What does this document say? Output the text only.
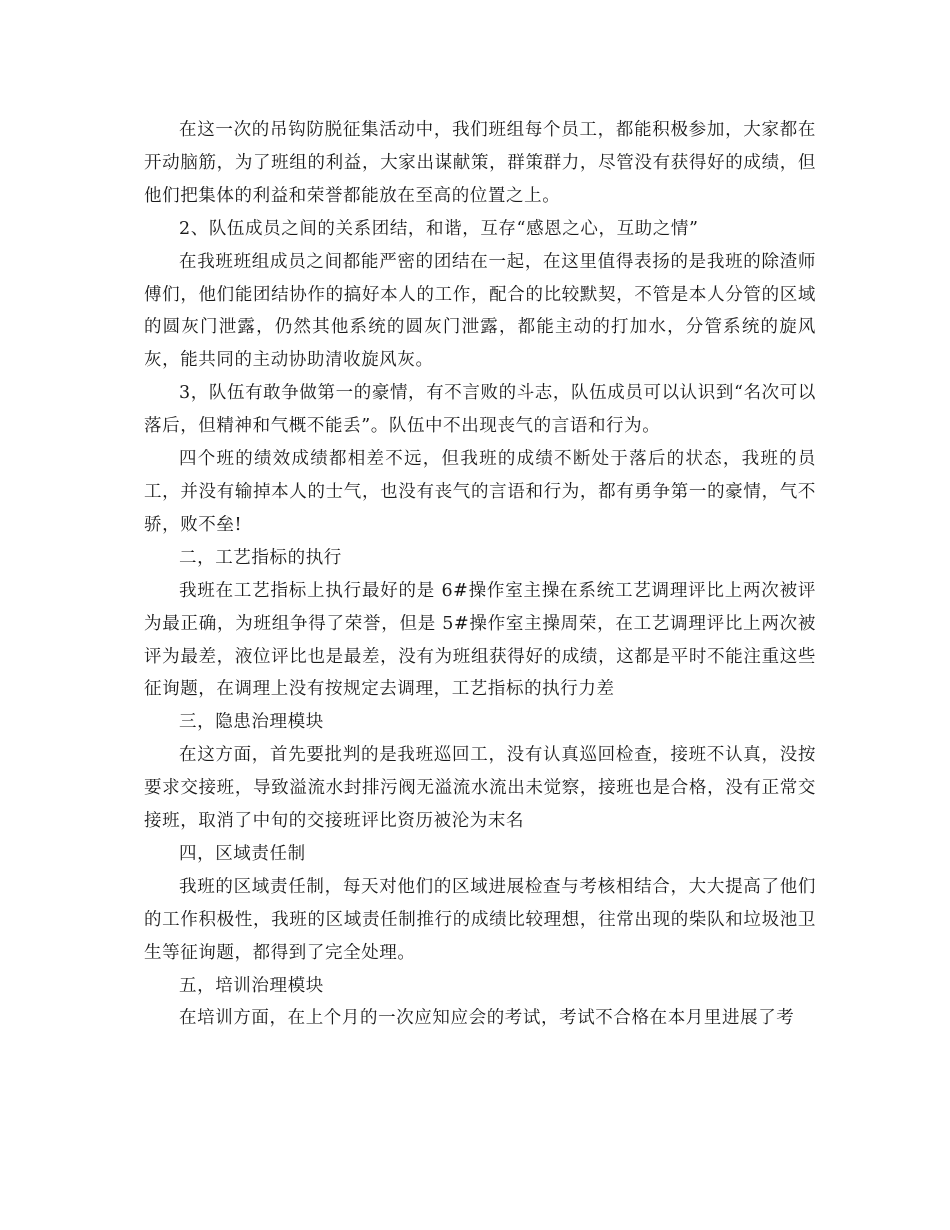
在这一次的吊钩防脱征集活动中，我们班组每个员工，都能积极参加，大家都在开动脑筋，为了班组的利益，大家出谋献策，群策群力，尽管没有获得好的成绩，但他们把集体的利益和荣誉都能放在至高的位置之上。

2、队伍成员之间的关系团结，和谐，互存“感恩之心，互助之情”

在我班班组成员之间都能严密的团结在一起，在这里值得表扬的是我班的除渣师傅们，他们能团结协作的搞好本人的工作，配合的比较默契，不管是本人分管的区域的圆灰门泄露，仍然其他系统的圆灰门泄露，都能主动的打加水，分管系统的旋风灰，能共同的主动协助清收旋风灰。

3，队伍有敢争做第一的豪情，有不言败的斗志，队伍成员可以认识到“名次可以落后，但精神和气概不能丢”。队伍中不出现丧气的言语和行为。

四个班的绩效成绩都相差不远，但我班的成绩不断处于落后的状态，我班的员工，并没有输掉本人的士气，也没有丧气的言语和行为，都有勇争第一的豪情，气不骄，败不垒!

二，工艺指标的执行

我班在工艺指标上执行最好的是 6#操作室主操在系统工艺调理评比上两次被评为最正确，为班组争得了荣誉，但是 5#操作室主操周荣，在工艺调理评比上两次被评为最差，液位评比也是最差，没有为班组获得好的成绩，这都是平时不能注重这些征询题，在调理上没有按规定去调理，工艺指标的执行力差

三，隐患治理模块

在这方面，首先要批判的是我班巡回工，没有认真巡回检查，接班不认真，没按要求交接班，导致溢流水封排污阀无溢流水流出未觉察，接班也是合格，没有正常交接班，取消了中旬的交接班评比资历被沦为末名

四，区域责任制

我班的区域责任制，每天对他们的区域进展检查与考核相结合，大大提高了他们的工作积极性，我班的区域责任制推行的成绩比较理想，往常出现的柴队和垃圾池卫生等征询题，都得到了完全处理。

五，培训治理模块

在培训方面，在上个月的一次应知应会的考试，考试不合格在本月里进展了考
